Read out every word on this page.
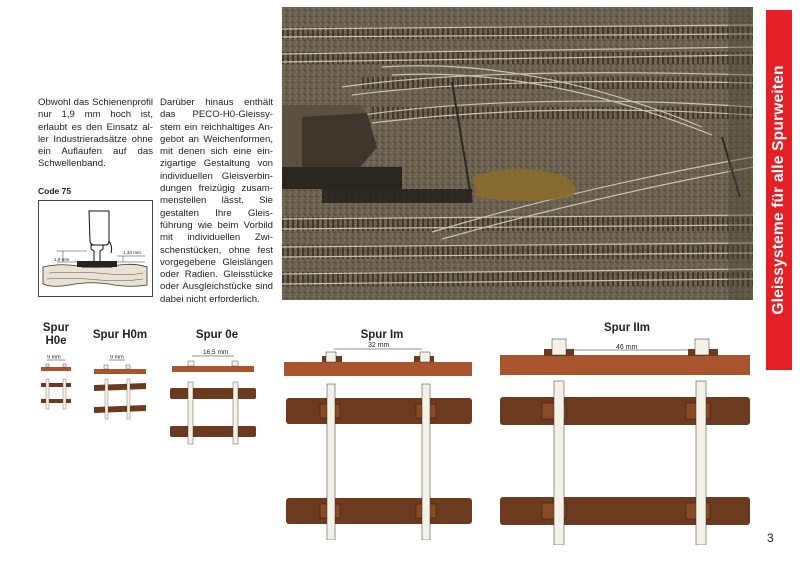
Obwohl das Schienenprofil nur 1,9 mm hoch ist, erlaubt es den Einsatz aller Industrieradsätze ohne ein Auflaufen auf das Schwellenband.
Darüber hinaus enthält das PECO-H0-Gleissystem ein reichhaltiges Angebot an Weichenformen, mit denen sich eine einzigartige Gestaltung von individuellen Gleisverbindungen freizügig zusammenstellen lässt. Sie gestalten Ihre Gleisführung wie beim Vorbild mit individuellen Zwischenstücken, ohne fest vorgegebene Gleislängen oder Radien. Gleisstücke oder Ausgleichstücke sind dabei nicht erforderlich.
Code 75
1,9 mm
1,34 mm	Gleissysteme für alle Spurweiten
Spur H0e	Spur H0m	Spur 0e	Spur Im
Spur IIm
9 mm	9 mm
16,5 mm
32 mm	46 mm
3
